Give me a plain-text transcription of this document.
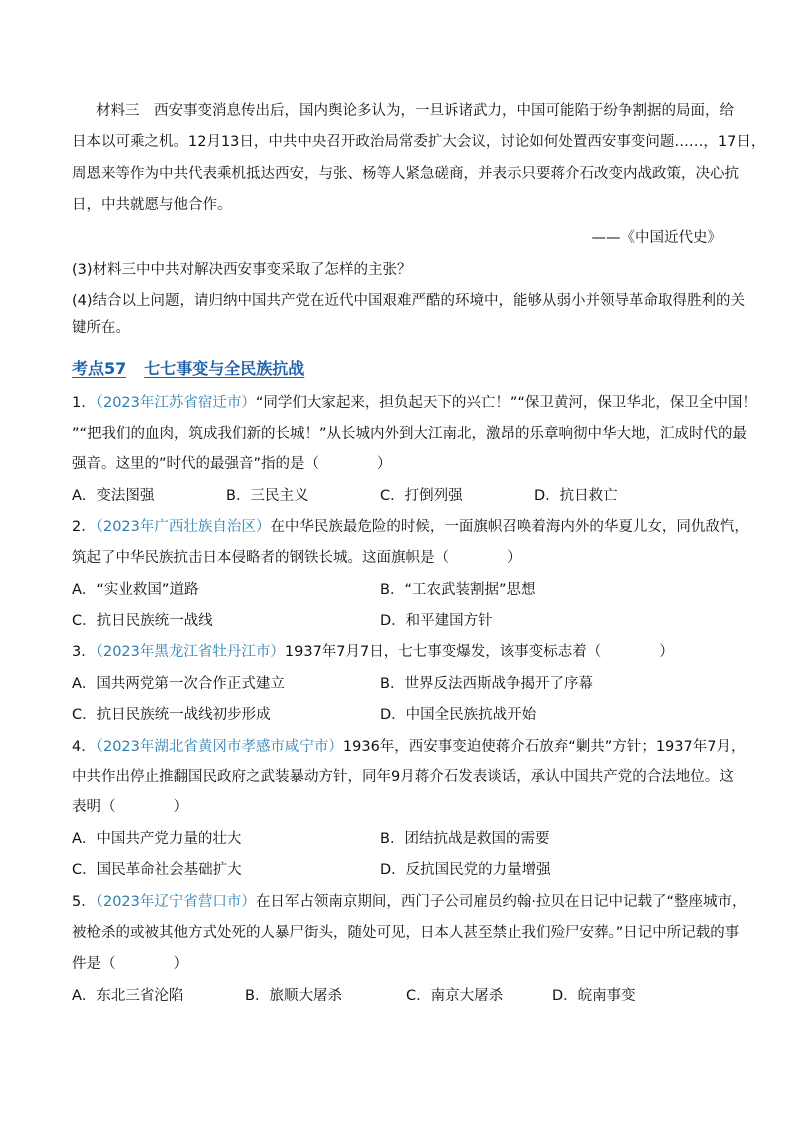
材料三　西安事变消息传出后，国内舆论多认为，一旦诉诸武力，中国可能陷于纷争割据的局面，给
日本以可乘之机。12月13日，中共中央召开政治局常委扩大会议，讨论如何处置西安事变问题……，17日，
周恩来等作为中共代表乘机抵达西安，与张、杨等人紧急磋商，并表示只要蒋介石改变内战政策，决心抗
日，中共就愿与他合作。
——《中国近代史》
(3)材料三中中共对解决西安事变采取了怎样的主张？
(4)结合以上问题，请归纳中国共产党在近代中国艰难严酷的环境中，能够从弱小并领导革命取得胜利的关
键所在。
考点57 七七事变与全民族抗战
1．（2023年江苏省宿迁市）“同学们大家起来，担负起天下的兴亡！”“保卫黄河，保卫华北，保卫全中国！
”“把我们的血肉，筑成我们新的长城！”从长城内外到大江南北，激昂的乐章响彻中华大地，汇成时代的最
强音。这里的”时代的最强音”指的是（　　　　）
A．变法图强	B．三民主义	C．打倒列强	D．抗日救亡
2．（2023年广西壮族自治区）在中华民族最危险的时候，一面旗帜召唤着海内外的华夏儿女，同仇敌忾，
筑起了中华民族抗击日本侵略者的钢铁长城。这面旗帜是（　　　　）
A．“实业救国”道路	B．“工农武装割据”思想
C．抗日民族统一战线	D．和平建国方针
3．（2023年黑龙江省牡丹江市）1937年7月7日，七七事变爆发，该事变标志着（　　　　）
A．国共两党第一次合作正式建立	B．世界反法西斯战争揭开了序幕
C．抗日民族统一战线初步形成	D．中国全民族抗战开始
4．（2023年湖北省黄冈市孝感市咸宁市）1936年，西安事变迫使蒋介石放弃“剿共”方针；1937年7月，
中共作出停止推翻国民政府之武装暴动方针，同年9月蒋介石发表谈话，承认中国共产党的合法地位。这
表明（　　　　）
A．中国共产党力量的壮大	B．团结抗战是救国的需要
C．国民革命社会基础扩大	D．反抗国民党的力量增强
5．（2023年辽宁省营口市）在日军占领南京期间，西门子公司雇员约翰·拉贝在日记中记载了“整座城市，
被枪杀的或被其他方式处死的人暴尸街头，随处可见，日本人甚至禁止我们殓尸安葬。”日记中所记载的事
件是（　　　　）
A．东北三省沦陷	B．旅顺大屠杀	C．南京大屠杀	D．皖南事变
